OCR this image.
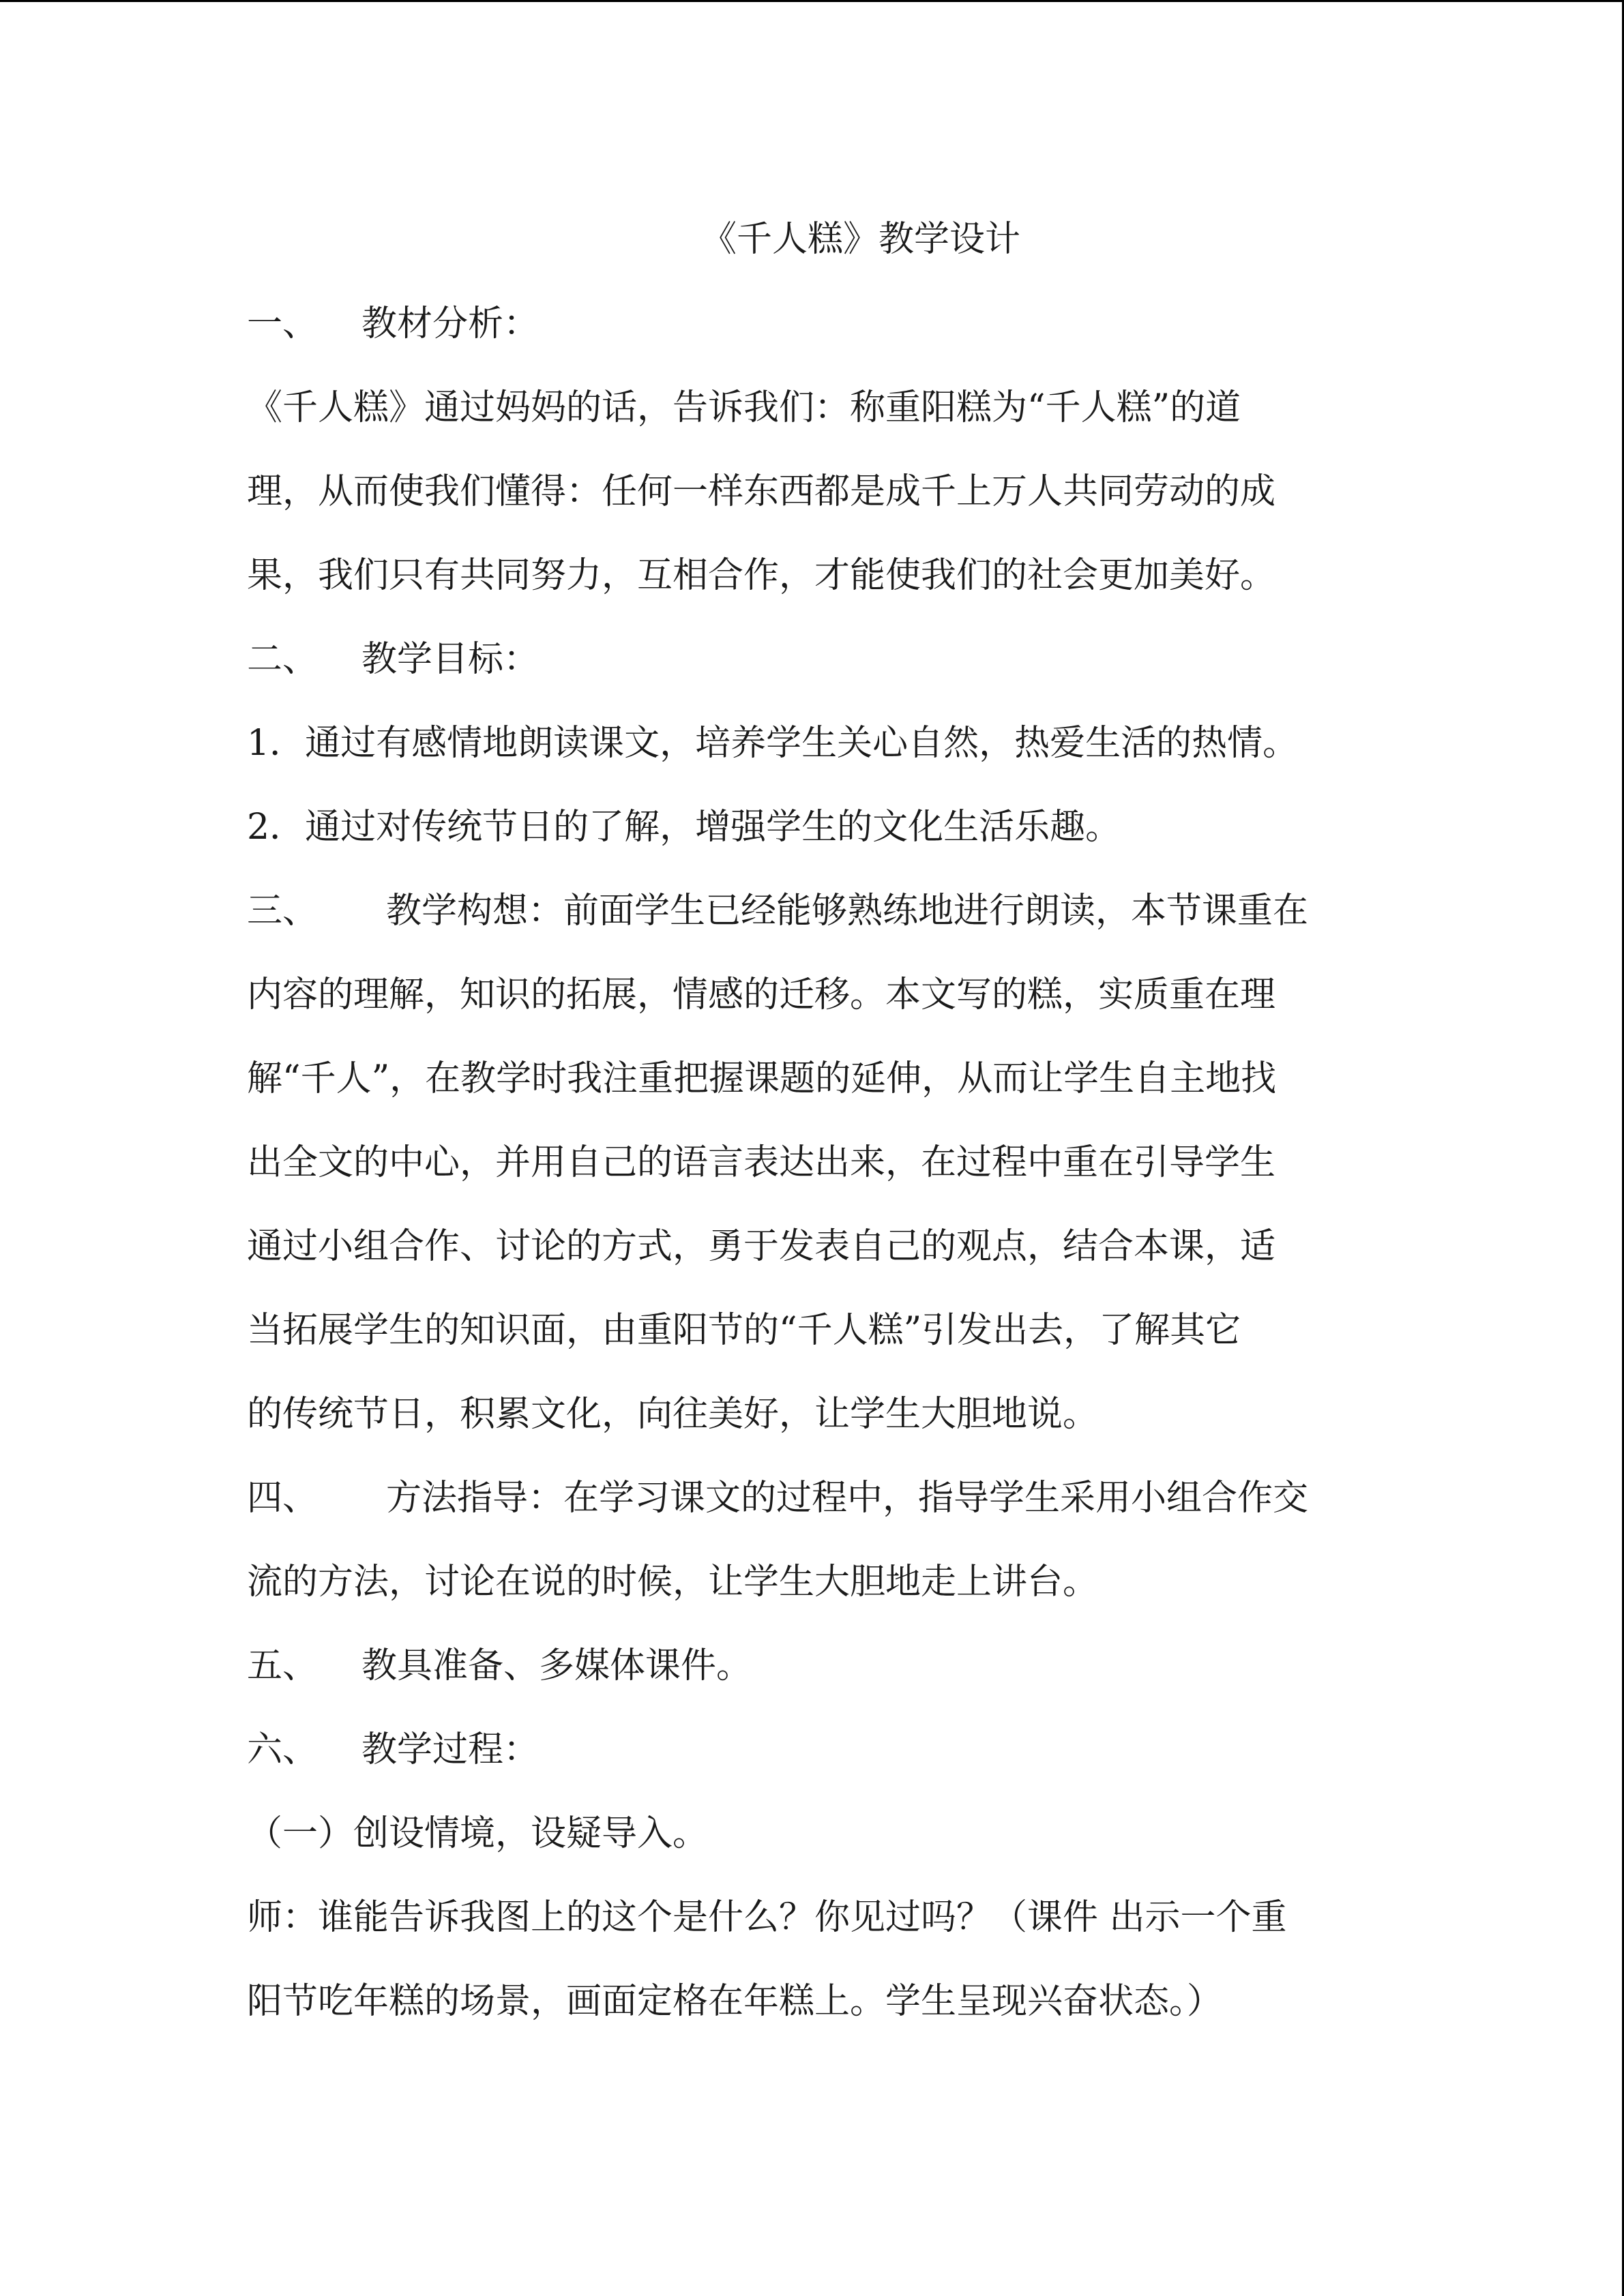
《千人糕》教学设计
一、 教材分析：
《千人糕》通过妈妈的话，告诉我们：称重阳糕为“千人糕”的道
理，从而使我们懂得：任何一样东西都是成千上万人共同劳动的成
果，我们只有共同努力，互相合作，才能使我们的社会更加美好。
二、 教学目标：
1．通过有感情地朗读课文，培养学生关心自然，热爱生活的热情。
2．通过对传统节日的了解，增强学生的文化生活乐趣。
三、 教学构想：前面学生已经能够熟练地进行朗读，本节课重在
内容的理解，知识的拓展，情感的迁移。本文写的糕，实质重在理
解“千人”，在教学时我注重把握课题的延伸，从而让学生自主地找
出全文的中心，并用自己的语言表达出来，在过程中重在引导学生
通过小组合作、讨论的方式，勇于发表自己的观点，结合本课，适
当拓展学生的知识面，由重阳节的“千人糕”引发出去，了解其它
的传统节日，积累文化，向往美好，让学生大胆地说。
四、 方法指导：在学习课文的过程中，指导学生采用小组合作交
流的方法，讨论在说的时候，让学生大胆地走上讲台。
五、 教具准备、多媒体课件。
六、 教学过程：
（一）创设情境，设疑导入。
师：谁能告诉我图上的这个是什么？你见过吗？（课件 出示一个重
阳节吃年糕的场景，画面定格在年糕上。学生呈现兴奋状态。）
